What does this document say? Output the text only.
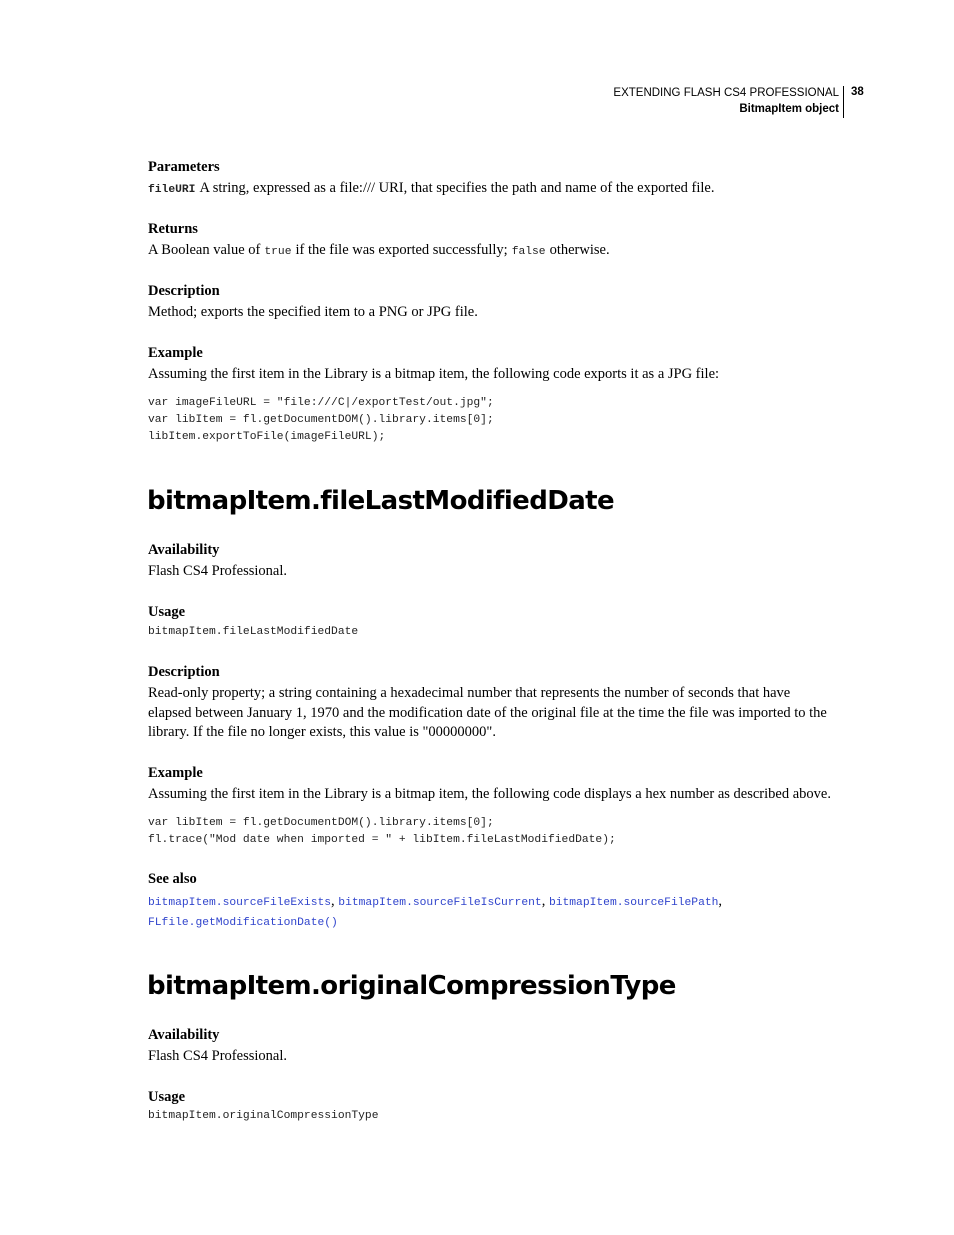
EXTENDING FLASH CS4 PROFESSIONAL
BitmapItem object
38
Parameters
fileURI A string, expressed as a file:/// URI, that specifies the path and name of the exported file.
Returns
A Boolean value of true if the file was exported successfully; false otherwise.
Description
Method; exports the specified item to a PNG or JPG file.
Example
Assuming the first item in the Library is a bitmap item, the following code exports it as a JPG file:
var imageFileURL = "file:///C|/exportTest/out.jpg";
var libItem = fl.getDocumentDOM().library.items[0];
libItem.exportToFile(imageFileURL);
bitmapItem.fileLastModifiedDate
Availability
Flash CS4 Professional.
Usage
bitmapItem.fileLastModifiedDate
Description
Read-only property; a string containing a hexadecimal number that represents the number of seconds that have
elapsed between January 1, 1970 and the modification date of the original file at the time the file was imported to the
library. If the file no longer exists, this value is "00000000".
Example
Assuming the first item in the Library is a bitmap item, the following code displays a hex number as described above.
var libItem = fl.getDocumentDOM().library.items[0];
fl.trace("Mod date when imported = " + libItem.fileLastModifiedDate);
See also
bitmapItem.sourceFileExists, bitmapItem.sourceFileIsCurrent, bitmapItem.sourceFilePath,
FLfile.getModificationDate()
bitmapItem.originalCompressionType
Availability
Flash CS4 Professional.
Usage
bitmapItem.originalCompressionType
